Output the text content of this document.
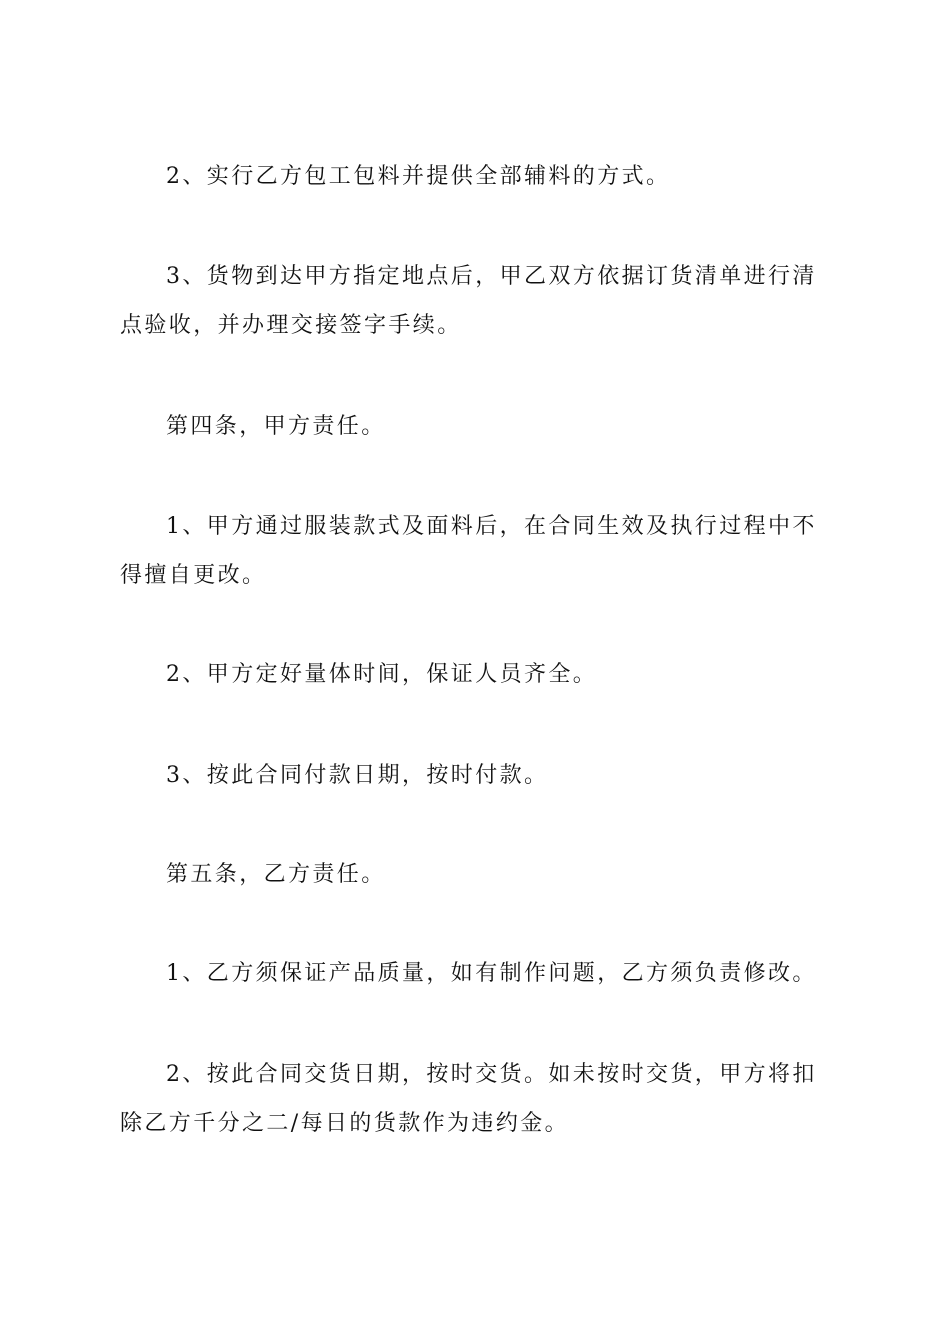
2、实行乙方包工包料并提供全部辅料的方式。

3、货物到达甲方指定地点后，甲乙双方依据订货清单进行清点验收，并办理交接签字手续。

第四条，甲方责任。

1、甲方通过服装款式及面料后，在合同生效及执行过程中不得擅自更改。

2、甲方定好量体时间，保证人员齐全。

3、按此合同付款日期，按时付款。

第五条，乙方责任。

1、乙方须保证产品质量，如有制作问题，乙方须负责修改。

2、按此合同交货日期，按时交货。如未按时交货，甲方将扣除乙方千分之二/每日的货款作为违约金。
